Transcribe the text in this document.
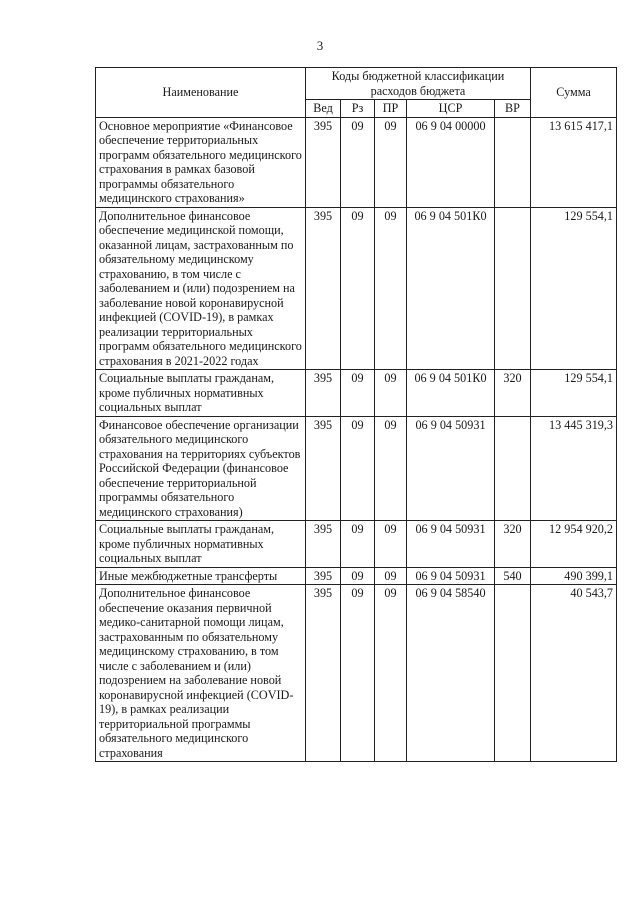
3
Наименование	Коды бюджетной классификации расходов бюджета					Сумма
	Вед	Рз	ПР	ЦСР	ВР	
Основное мероприятие «Финансовое обеспечение территориальных программ обязательного медицинского страхования в рамках базовой программы обязательного медицинского страхования»	395	09	09	06 9 04 00000		13 615 417,1
Дополнительное финансовое обеспечение медицинской помощи, оказанной лицам, застрахованным по обязательному медицинскому страхованию, в том числе с заболеванием и (или) подозрением на заболевание новой коронавирусной инфекцией (COVID-19), в рамках реализации территориальных программ обязательного медицинского страхования в 2021-2022 годах	395	09	09	06 9 04 501К0		129 554,1
Социальные выплаты гражданам, кроме публичных нормативных социальных выплат	395	09	09	06 9 04 501К0	320	129 554,1
Финансовое обеспечение организации обязательного медицинского страхования на территориях субъектов Российской Федерации (финансовое обеспечение территориальной программы обязательного медицинского страхования)	395	09	09	06 9 04 50931		13 445 319,3
Социальные выплаты гражданам, кроме публичных нормативных социальных выплат	395	09	09	06 9 04 50931	320	12 954 920,2
Иные межбюджетные трансферты	395	09	09	06 9 04 50931	540	490 399,1
Дополнительное финансовое обеспечение оказания первичной медико-санитарной помощи лицам, застрахованным по обязательному медицинскому страхованию, в том числе с заболеванием и (или) подозрением на заболевание новой коронавирусной инфекцией (COVID-19), в рамках реализации территориальной программы обязательного медицинского страхования	395	09	09	06 9 04 58540		40 543,7
